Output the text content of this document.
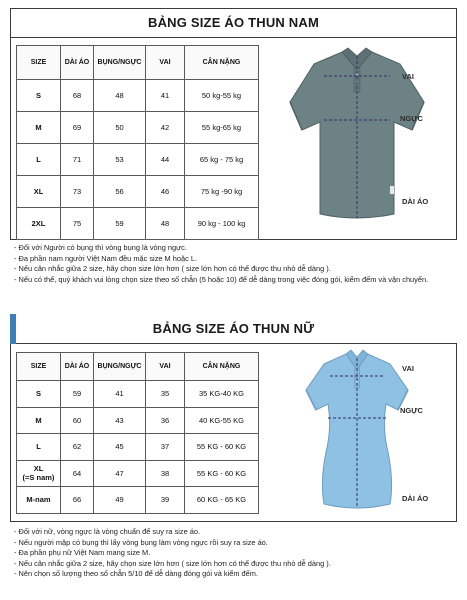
BẢNG SIZE ÁO THUN NAM
SIZE	DÀI ÁO	BỤNG/NGỰC	VAI	CÂN NẶNG
S	68	48	41	50 kg-55 kg
M	69	50	42	55 kg-65 kg
L	71	53	44	65 kg - 75 kg
XL	73	56	46	75 kg -90 kg
2XL	75	59	48	90 kg - 100 kg
VAI
NGỰC
DÀI ÁO
- Đối với Người có bụng thì vòng bụng là vòng ngực.
- Đa phần nam người Việt Nam đều mặc size M hoặc L.
- Nếu cân nhắc giữa 2 size, hãy chọn size lớn hơn ( size lớn hơn có thể được thu nhỏ dễ dàng ).
- Nếu có thể, quý khách vui lòng chọn size theo số chẵn (5 hoặc 10) để dễ dàng trong việc đóng gói, kiểm đếm và vận chuyển.
BẢNG SIZE ÁO THUN NỮ
SIZE	DÀI ÁO	BỤNG/NGỰC	VAI	CÂN NẶNG
S	59	41	35	35 KG-40 KG
M	60	43	36	40 KG-55 KG
L	62	45	37	55 KG - 60 KG
XL
(=S nam)	64	47	38	55 KG - 60 KG
M-nam	66	49	39	60 KG - 65 KG
VAI
NGỰC
DÀI ÁO
- Đối với nữ, vòng ngực là vòng chuẩn để suy ra size áo.
- Nếu người mập có bụng thì lấy vòng bụng làm vòng ngực rồi suy ra size áo.
- Đa phần phụ nữ Việt Nam mang size M.
- Nếu cân nhắc giữa 2 size, hãy chọn size lớn hơn ( size lớn hơn có thể được thu nhỏ dễ dàng ).
- Nên chọn số lượng theo số chẵn 5/10 để dễ dàng đóng gói và kiểm đếm.
